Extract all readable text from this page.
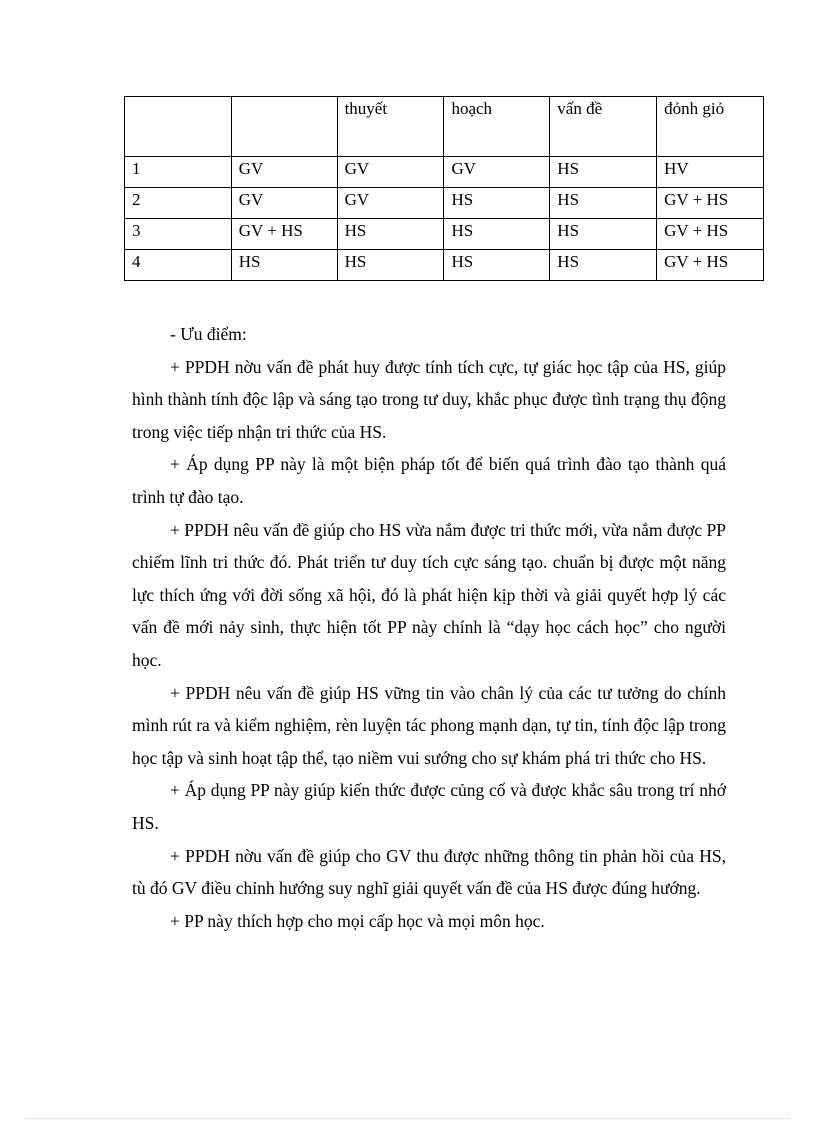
		thuyết	hoạch	vấn đề	đỏnh giỏ
1	GV	GV	GV	HS	HV
2	GV	GV	HS	HS	GV + HS
3	GV + HS	HS	HS	HS	GV + HS
4	HS	HS	HS	HS	GV + HS

- Ưu điểm:

+ PPDH nờu vấn đề phát huy được tính tích cực, tự giác học tập của HS, giúp hình thành tính độc lập và sáng tạo trong tư duy, khắc phục được tình trạng thụ động trong việc tiếp nhận tri thức của HS.

+ Áp dụng PP này là một biện pháp tốt để biến quá trình đào tạo thành quá trình tự đào tạo.

+ PPDH nêu vấn đề giúp cho HS vừa nắm được tri thức mới, vừa nắm được PP chiếm lĩnh tri thức đó. Phát triển tư duy tích cực sáng tạo. chuẩn bị được một năng lực thích ứng với đời sống xã hội, đó là phát hiện kịp thời và giải quyết hợp lý các vấn đề mới nảy sinh, thực hiện tốt PP này chính là “dạy học cách học” cho người học.

+ PPDH nêu vấn đề giúp HS vững tin vào chân lý của các tư tưởng do chính mình rút ra và kiểm nghiệm, rèn luyện tác phong mạnh dạn, tự tin, tính độc lập trong học tập và sinh hoạt tập thể, tạo niềm vui sướng cho sự khám phá tri thức cho HS.

+ Áp dụng PP này giúp kiến thức được củng cố và được khắc sâu trong trí nhớ HS.

+ PPDH nờu vấn đề giúp cho GV thu được những thông tin phản hồi của HS, tù đó GV điều chỉnh hướng suy nghĩ giải quyết vấn đề của HS được đúng hướng.

+ PP này thích hợp cho mọi cấp học và mọi môn học.
